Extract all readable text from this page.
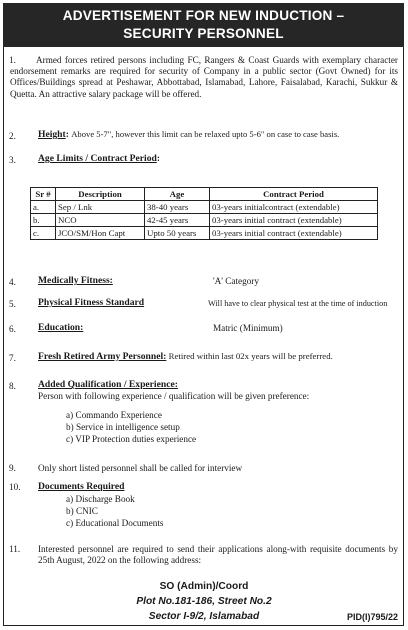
ADVERTISEMENT FOR NEW INDUCTION –
SECURITY PERSONNEL
1.	Armed forces retired persons including FC, Rangers & Coast Guards with exemplary character endorsement remarks are required for security of Company in a public sector (Govt Owned) for its Offices/Buildings spread at Peshawar, Abbottabad, Islamabad, Lahore, Faisalabad, Karachi, Sukkur & Quetta. An attractive salary package will be offered.
2.	Height: Above 5-7", however this limit can be relaxed upto 5-6" on case to case basis.
3.	Age Limits / Contract Period:
Sr #	Description	Age	Contract Period
a.	Sep / Lnk	38-40 years	03-years initialcontract (extendable)
b.	NCO	42-45 years	03-years initial contract (extendable)
c.	JCO/SM/Hon Capt	Upto 50 years	03-years initial contract (extendable)
4.	Medically Fitness:	'A' Category
5.	Physical Fitness Standard	Will have to clear physical test at the time of induction
6.	Education:	Matric (Minimum)
7.	Fresh Retired Army Personnel: Retired within last 02x years will be preferred.
8.	Added Qualification / Experience:
Person with following experience / qualification will be given preference:
a) Commando Experience
b) Service in intelligence setup
c) VIP Protection duties experience
9.	Only short listed personnel shall be called for interview
10.	Documents Required
a) Discharge Book
b) CNIC
c) Educational Documents
11.	Interested personnel are required to send their applications along-with requisite documents by 25th August, 2022 on the following address:
SO (Admin)/Coord
Plot No.181-186, Street No.2
Sector I-9/2, Islamabad	PID(I)795/22
